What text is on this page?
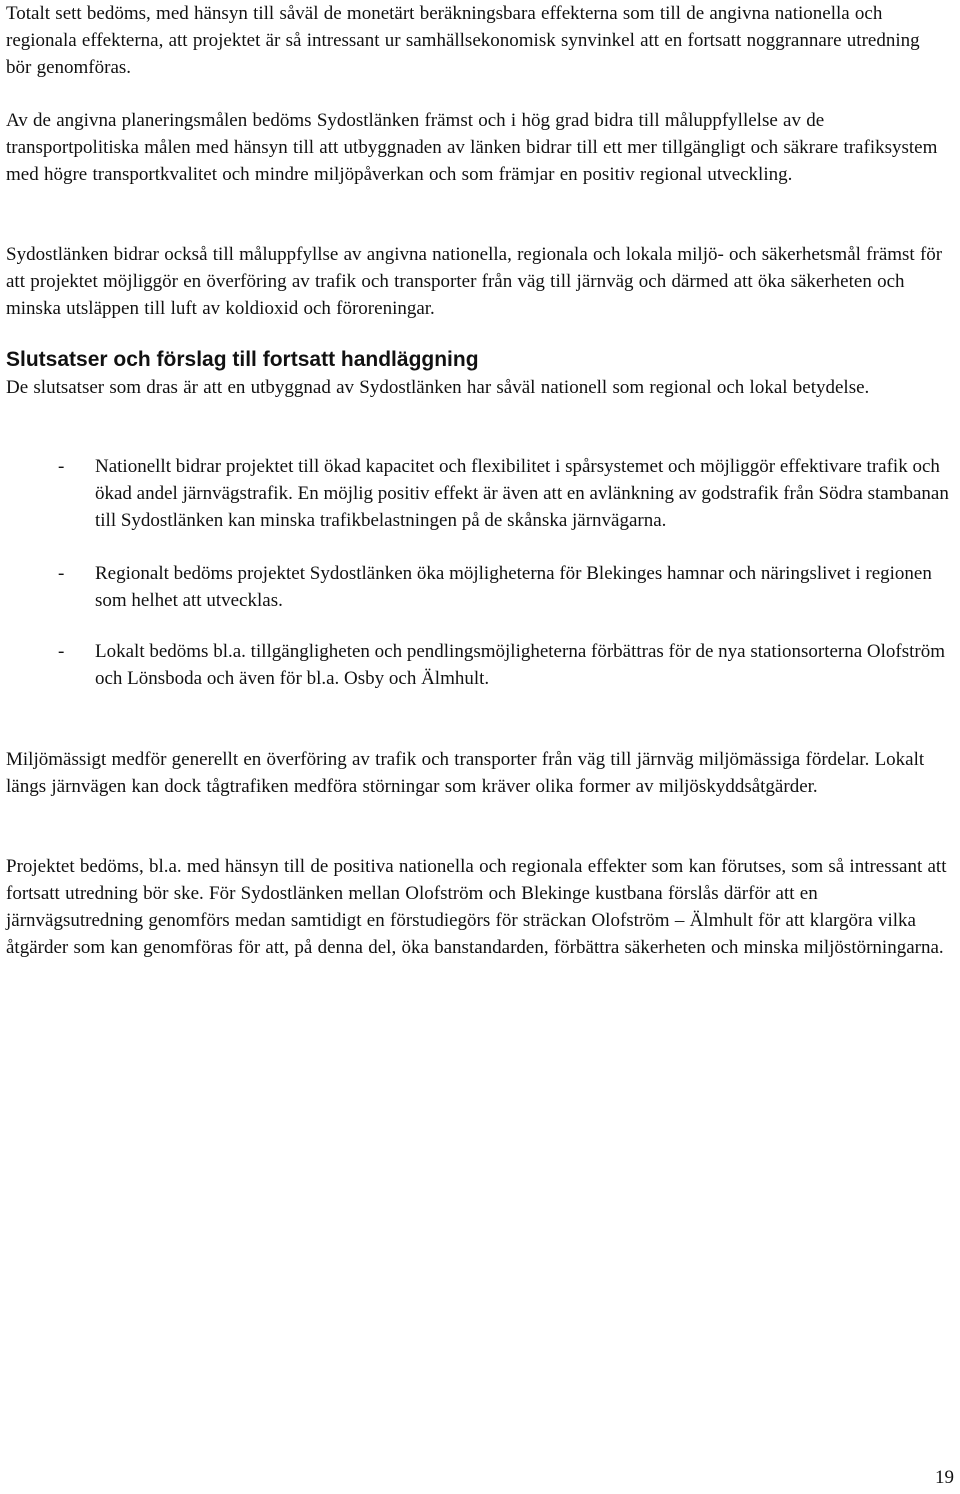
Totalt sett bedöms, med hänsyn till såväl de monetärt beräkningsbara effekterna som till de angivna nationella och regionala effekterna, att projektet är så intressant ur samhällsekonomisk synvinkel att en fortsatt noggrannare utredning bör genomföras.

Av de angivna planeringsmålen bedöms Sydostlänken främst och i hög grad bidra till måluppfyllelse av de transportpolitiska målen med hänsyn till att utbyggnaden av länken bidrar till ett mer tillgängligt och säkrare trafiksystem med högre transportkvalitet och mindre miljöpåverkan och som främjar en positiv regional utveckling.

Sydostlänken bidrar också till måluppfyllse av angivna nationella, regionala och lokala miljö- och säkerhetsmål främst för att projektet möjliggör en överföring av trafik och transporter från väg till järnväg och därmed att öka säkerheten och minska utsläppen till luft av koldioxid och föroreningar.

Slutsatser och förslag till fortsatt handläggning

De slutsatser som dras är att en utbyggnad av Sydostlänken har såväl nationell som regional och lokal betydelse.

- Nationellt bidrar projektet till ökad kapacitet och flexibilitet i spårsystemet och möjliggör effektivare trafik och ökad andel järnvägstrafik. En möjlig positiv effekt är även att en avlänkning av godstrafik från Södra stambanan till Sydostlänken kan minska trafikbelastningen på de skånska järnvägarna.
- Regionalt bedöms projektet Sydostlänken öka möjligheterna för Blekinges hamnar och näringslivet i regionen som helhet att utvecklas.
- Lokalt bedöms bl.a. tillgängligheten och pendlingsmöjligheterna förbättras för de nya stationsorterna Olofström och Lönsboda och även för bl.a. Osby och Älmhult.

Miljömässigt medför generellt en överföring av trafik och transporter från väg till järnväg miljömässiga fördelar. Lokalt längs järnvägen kan dock tågtrafiken medföra störningar som kräver olika former av miljöskyddsåtgärder.

Projektet bedöms, bl.a. med hänsyn till de positiva nationella och regionala effekter som kan förutses, som så intressant att fortsatt utredning bör ske. För Sydostlänken mellan Olofström och Blekinge kustbana förslås därför att en järnvägsutredning genomförs medan samtidigt en förstudiegörs för sträckan Olofström – Älmhult för att klargöra vilka åtgärder som kan genomföras för att, på denna del, öka banstandarden, förbättra säkerheten och minska miljöstörningarna.

19
